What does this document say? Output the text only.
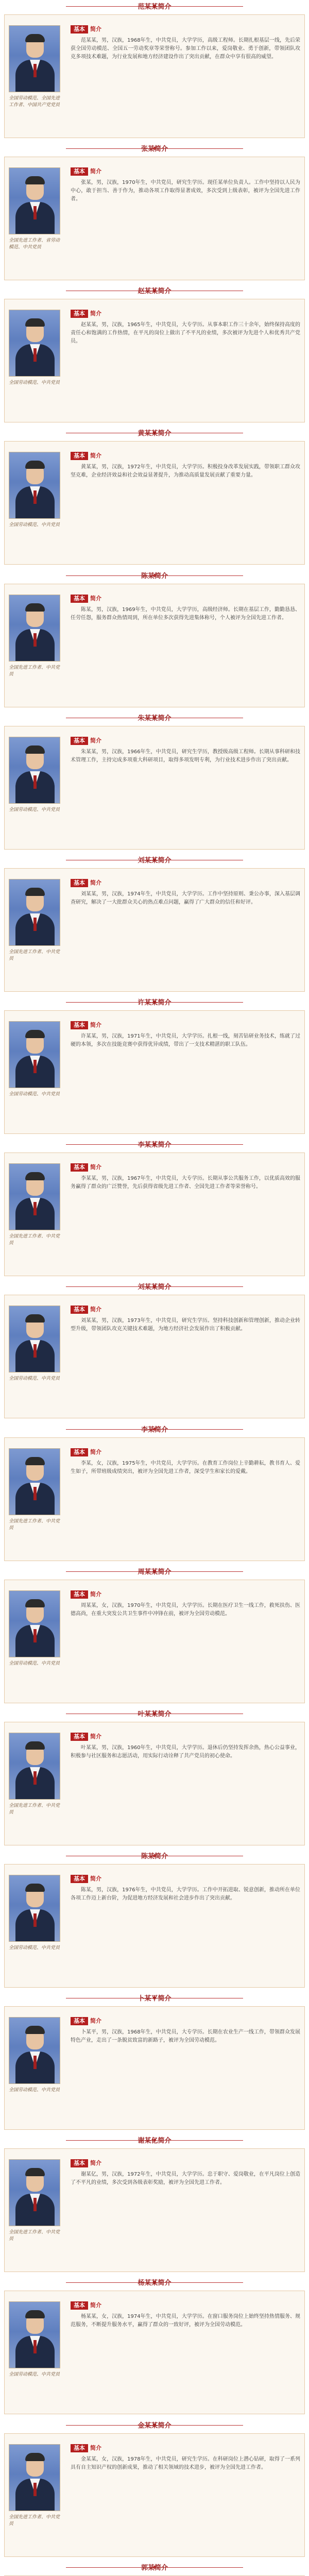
范某某简介
全国劳动模范、全国先进工作者、中国共产党党员
基本 简介

范某某，男，汉族，1968年生，中共党员，大学学历，高级工程师。长期扎根基层一线，先后荣获全国劳动模范、全国五一劳动奖章等荣誉称号。参加工作以来，爱岗敬业、勇于创新，带领团队攻克多项技术难题，为行业发展和地方经济建设作出了突出贡献，在群众中享有很高的威望。

张某简介
全国先进工作者、省劳动模范、中共党员
基本 简介

张某，男，汉族，1970年生，中共党员，研究生学历。现任某单位负责人。工作中坚持以人民为中心，敢于担当、善于作为，推动各项工作取得显著成效，多次受到上级表彰，被评为全国先进工作者。

赵某某简介
全国劳动模范、中共党员
基本 简介

赵某某，男，汉族，1965年生，中共党员，大专学历。从事本职工作三十余年，始终保持高度的责任心和饱满的工作热情，在平凡的岗位上做出了不平凡的业绩，多次被评为先进个人和优秀共产党员。

黄某某简介
全国劳动模范、中共党员
基本 简介

黄某某，男，汉族，1972年生，中共党员，大学学历。积极投身改革发展实践，带领职工群众攻坚克难，企业经济效益和社会效益显著提升，为推动高质量发展贡献了重要力量。

陈某简介
全国先进工作者、中共党员
基本 简介

陈某，男，汉族，1969年生，中共党员，大学学历，高级经济师。长期在基层工作，勤勤恳恳、任劳任怨，服务群众热情周到，所在单位多次获得先进集体称号，个人被评为全国先进工作者。

朱某某简介
全国劳动模范、中共党员
基本 简介

朱某某，男，汉族，1966年生，中共党员，研究生学历，教授级高级工程师。长期从事科研和技术管理工作，主持完成多项重大科研项目，取得多项发明专利，为行业技术进步作出了突出贡献。

刘某某简介
全国先进工作者、中共党员
基本 简介

刘某某，男，汉族，1974年生，中共党员，大学学历。工作中坚持原则、秉公办事，深入基层调查研究，解决了一大批群众关心的热点难点问题，赢得了广大群众的信任和好评。

许某某简介
全国劳动模范、中共党员
基本 简介

许某某，男，汉族，1971年生，中共党员，大学学历。扎根一线，刻苦钻研业务技术，练就了过硬的本领，多次在技能竞赛中获得优异成绩，带出了一支技术精湛的职工队伍。

李某某简介
全国先进工作者、中共党员
基本 简介

李某某，男，汉族，1967年生，中共党员，大专学历。长期从事公共服务工作，以优质高效的服务赢得了群众的广泛赞誉，先后获得省级先进工作者、全国先进工作者等荣誉称号。

刘某某简介
全国劳动模范、中共党员
基本 简介

刘某某，男，汉族，1973年生，中共党员，研究生学历。坚持科技创新和管理创新，推动企业转型升级，带领团队攻克关键技术难题，为地方经济社会发展作出了积极贡献。

李某简介
全国先进工作者、中共党员
基本 简介

李某，女，汉族，1975年生，中共党员，大学学历。在教育工作岗位上辛勤耕耘，教书育人、爱生如子，所带班级成绩突出，被评为全国先进工作者，深受学生和家长的爱戴。

周某某简介
全国劳动模范、中共党员
基本 简介

周某某，女，汉族，1970年生，中共党员，大学学历。长期在医疗卫生一线工作，救死扶伤、医德高尚，在重大突发公共卫生事件中冲锋在前，被评为全国劳动模范。

叶某某简介
全国先进工作者、中共党员
基本 简介

叶某某，男，汉族，1960年生，中共党员，大学学历。退休后仍坚持发挥余热，热心公益事业，积极参与社区服务和志愿活动，用实际行动诠释了共产党员的初心使命。

陈某简介
全国劳动模范、中共党员
基本 简介

陈某，男，汉族，1976年生，中共党员，大学学历。工作中开拓进取、锐意创新，推动所在单位各项工作迈上新台阶，为促进地方经济发展和社会进步作出了突出贡献。

卜某平简介
全国劳动模范、中共党员
基本 简介

卜某平，男，汉族，1968年生，中共党员，大专学历。长期在农业生产一线工作，带领群众发展特色产业，走出了一条脱贫致富的新路子，被评为全国劳动模范。

谢某亿简介
全国先进工作者、中共党员
基本 简介

谢某亿，男，汉族，1972年生，中共党员，大学学历。忠于职守、爱岗敬业，在平凡岗位上创造了不平凡的业绩，多次受到各级表彰奖励，被评为全国先进工作者。

杨某某简介
全国劳动模范、中共党员
基本 简介

杨某某，女，汉族，1974年生，中共党员，大学学历。在窗口服务岗位上始终坚持热情服务、规范服务，不断提升服务水平，赢得了群众的一致好评，被评为全国劳动模范。

金某某简介
全国先进工作者、中共党员
基本 简介

金某某，女，汉族，1978年生，中共党员，研究生学历。在科研岗位上潜心钻研，取得了一系列具有自主知识产权的创新成果，推动了相关领域的技术进步，被评为全国先进工作者。

郭某简介
